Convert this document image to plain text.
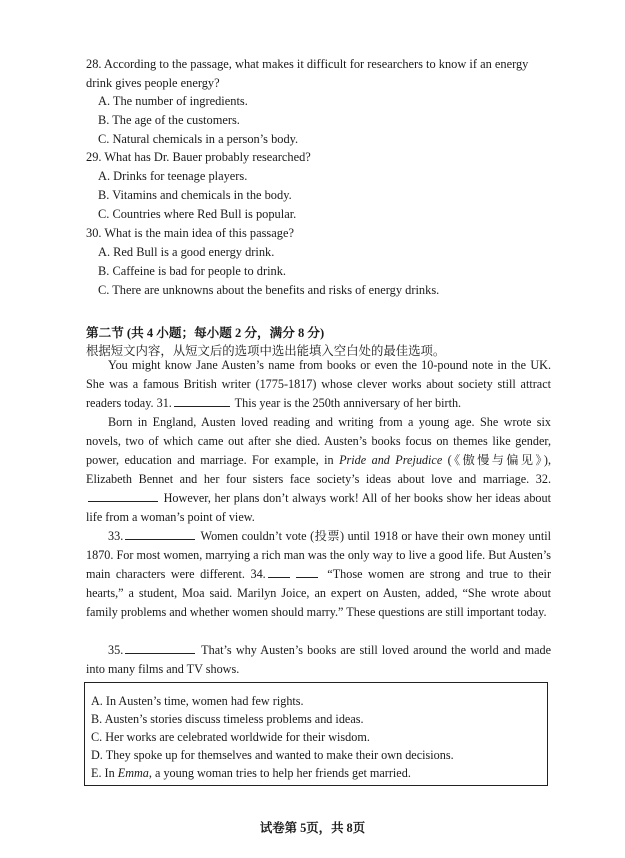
28. According to the passage, what makes it difficult for researchers to know if an energy drink gives people energy?
A. The number of ingredients.
B. The age of the customers.
C. Natural chemicals in a person’s body.
29. What has Dr. Bauer probably researched?
A. Drinks for teenage players.
B. Vitamins and chemicals in the body.
C. Countries where Red Bull is popular.
30. What is the main idea of this passage?
A. Red Bull is a good energy drink.
B. Caffeine is bad for people to drink.
C. There are unknowns about the benefits and risks of energy drinks.
第二节 (共 4 小题；每小题 2 分，满分 8 分)
根据短文内容，从短文后的选项中选出能填入空白处的最佳选项。

You might know Jane Austen’s name from books or even the 10-pound note in the UK. She was a famous British writer (1775-1817) whose clever works about society still attract readers today. 31.	This year is the 250th anniversary of her birth.

Born in England, Austen loved reading and writing from a young age. She wrote six novels, two of which came out after she died. Austen’s books focus on themes like gender, power, education and marriage. For example, in Pride and Prejudice (《傲慢与偏见》), Elizabeth Bennet and her four sisters face society’s ideas about love and marriage. 32. However, her plans don’t always work! All of her books show her ideas about life from a woman’s point of view.

33.	Women couldn’t vote (投票) until 1918 or have their own money until 1870. For most women, marrying a rich man was the only way to live a good life. But Austen’s main characters were different. 34.	“Those women are strong and true to their hearts,” a student, Moa said. Marilyn Joice, an expert on Austen, added, “She wrote about family problems and whether women should marry.” These questions are still important today.

35.	That’s why Austen’s books are still loved around the world and made into many films and TV shows.

A. In Austen’s time, women had few rights.
B. Austen’s stories discuss timeless problems and ideas.
C. Her works are celebrated worldwide for their wisdom.
D. They spoke up for themselves and wanted to make their own decisions.
E. In Emma, a young woman tries to help her friends get married.
试卷第 5页，共 8页
